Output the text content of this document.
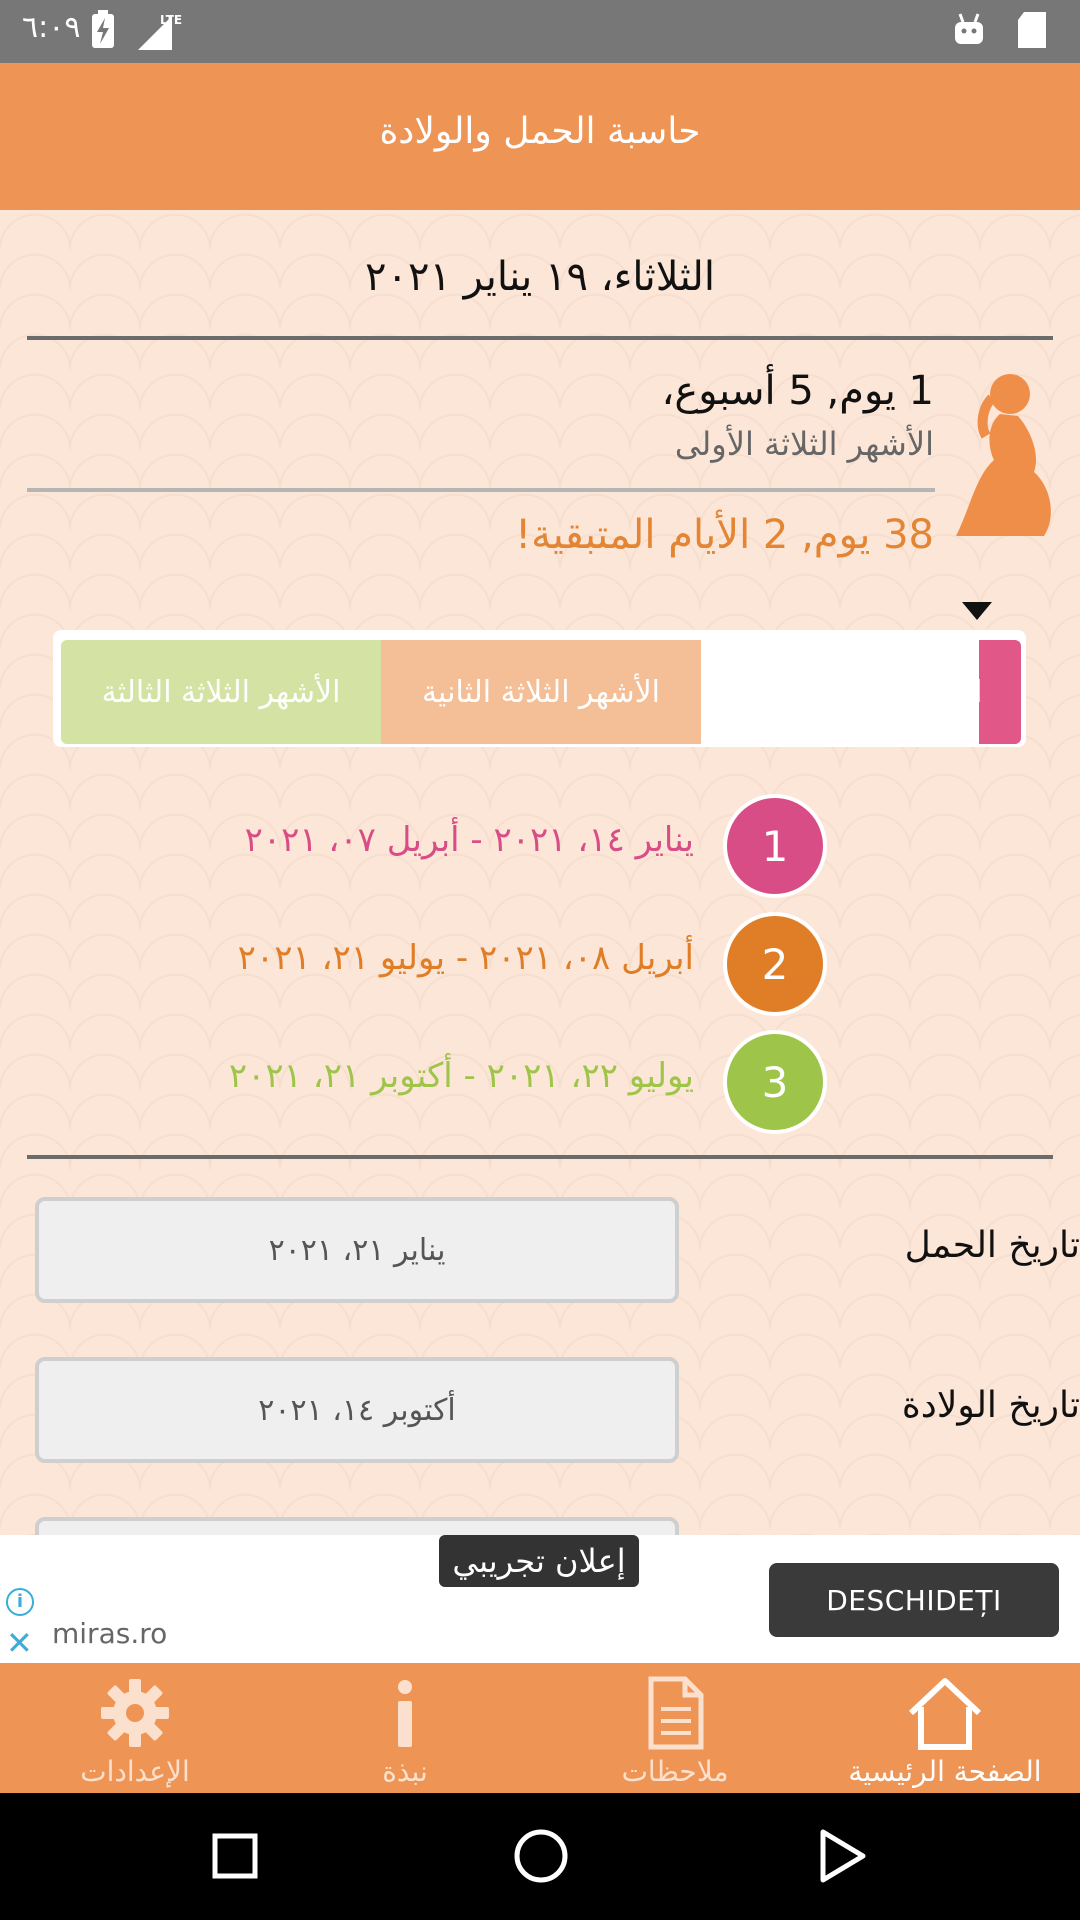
٦:٠٩	LTE
حاسبة الحمل والولادة
الثلاثاء، ١٩ يناير ٢٠٢١
1 يوم, 5 أسبوع،
الأشهر الثلاثة الأولى
38 يوم, 2 الأيام المتبقية!
الأشهر الثلاثة الثالثة	الأشهر الثلاثة الثانية	الأشهر الثلاثة الأولى
1
يناير ١٤، ٢٠٢١ - أبريل ٠٧، ٢٠٢١
2
أبريل ٠٨، ٢٠٢١ - يوليو ٢١، ٢٠٢١
3
يوليو ٢٢، ٢٠٢١ - أكتوبر ٢١، ٢٠٢١
تاريخ الحمل
يناير ٢١، ٢٠٢١
تاريخ الولادة
أكتوبر ١٤، ٢٠٢١
إعلان تجريبي
i
✕ miras.ro
DESCHIDEȚI
الإعدادات	نبذة	ملاحظات	الصفحة الرئيسية
